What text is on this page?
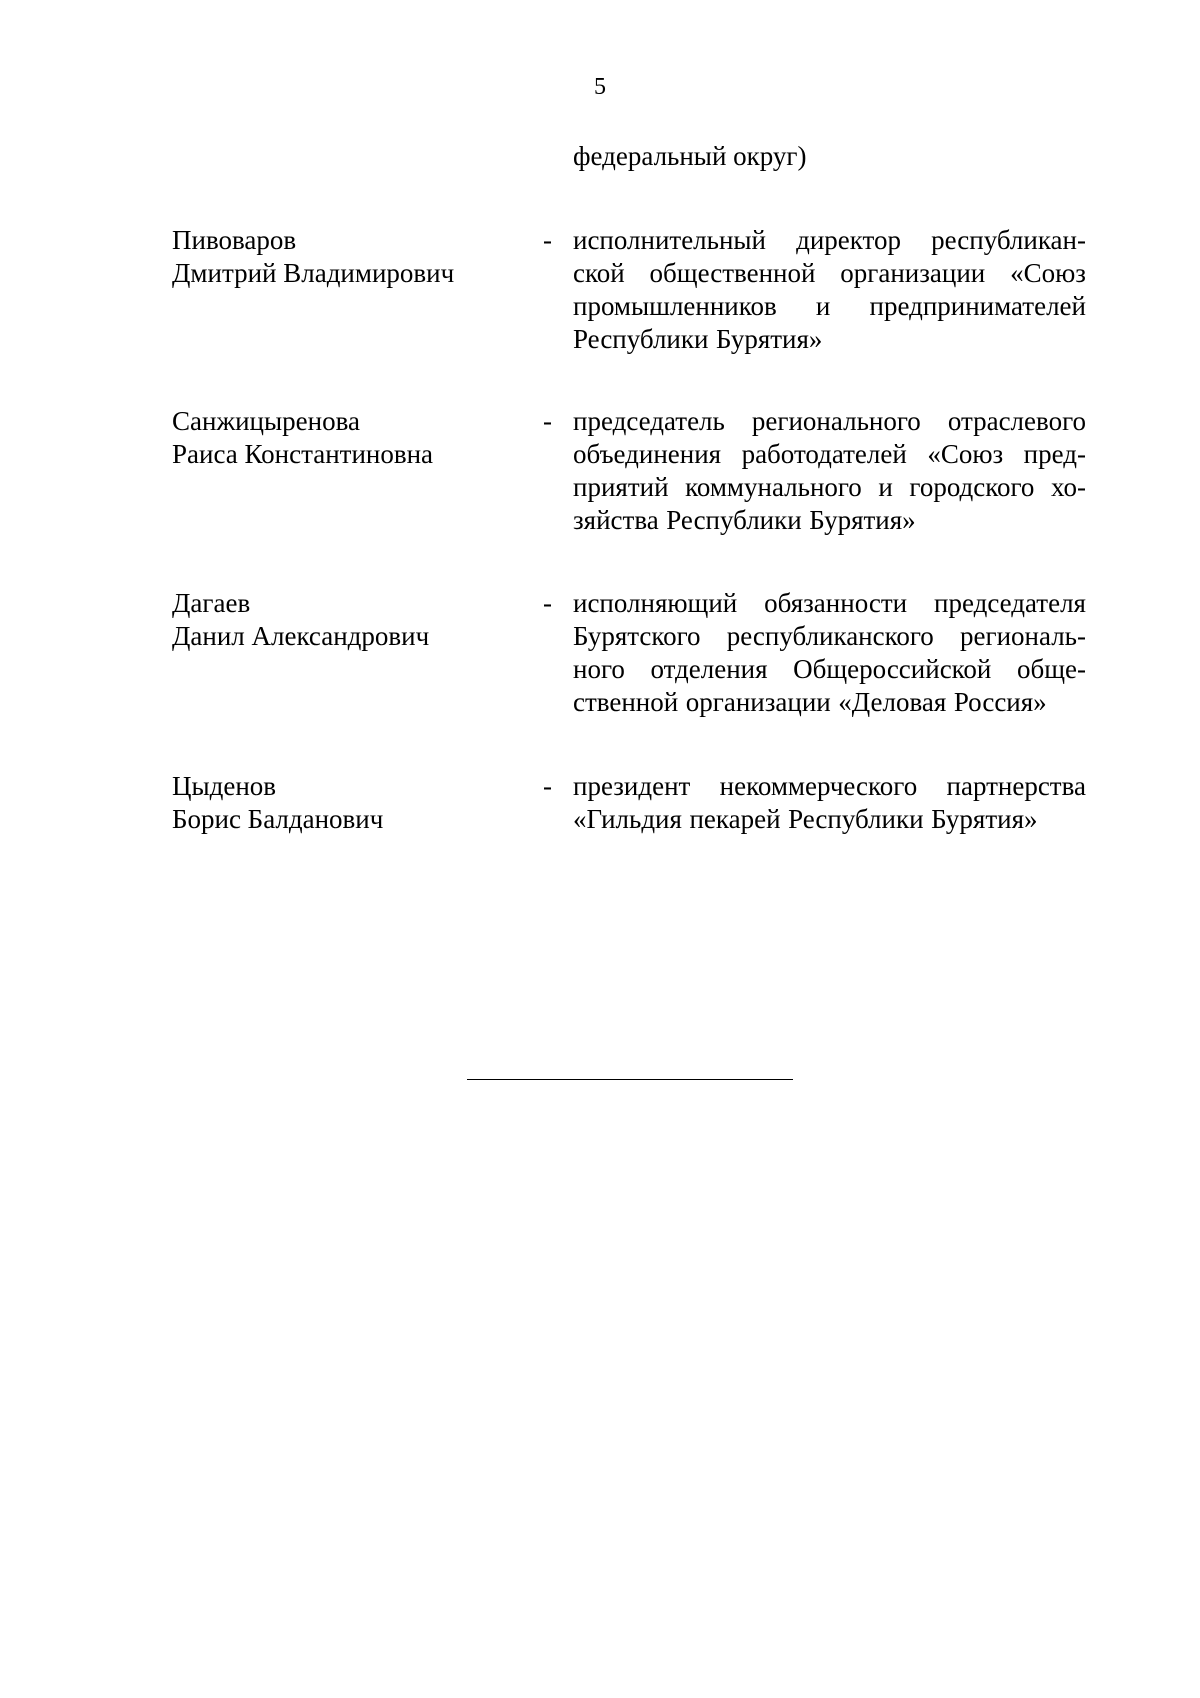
5
федеральный округ)
Пивоваров
Дмитрий Владимирович
- исполнительный директор республикан-
ской общественной организации «Союз
промышленников и предпринимателей
Республики Бурятия»
Санжицыренова
Раиса Константиновна
- председатель регионального отраслевого
объединения работодателей «Союз пред-
приятий коммунального и городского хо-
зяйства Республики Бурятия»
Дагаев
Данил Александрович
- исполняющий обязанности председателя
Бурятского республиканского региональ-
ного отделения Общероссийской обще-
ственной организации «Деловая Россия»
Цыденов
Борис Балданович
- президент некоммерческого партнерства
«Гильдия пекарей Республики Бурятия»
